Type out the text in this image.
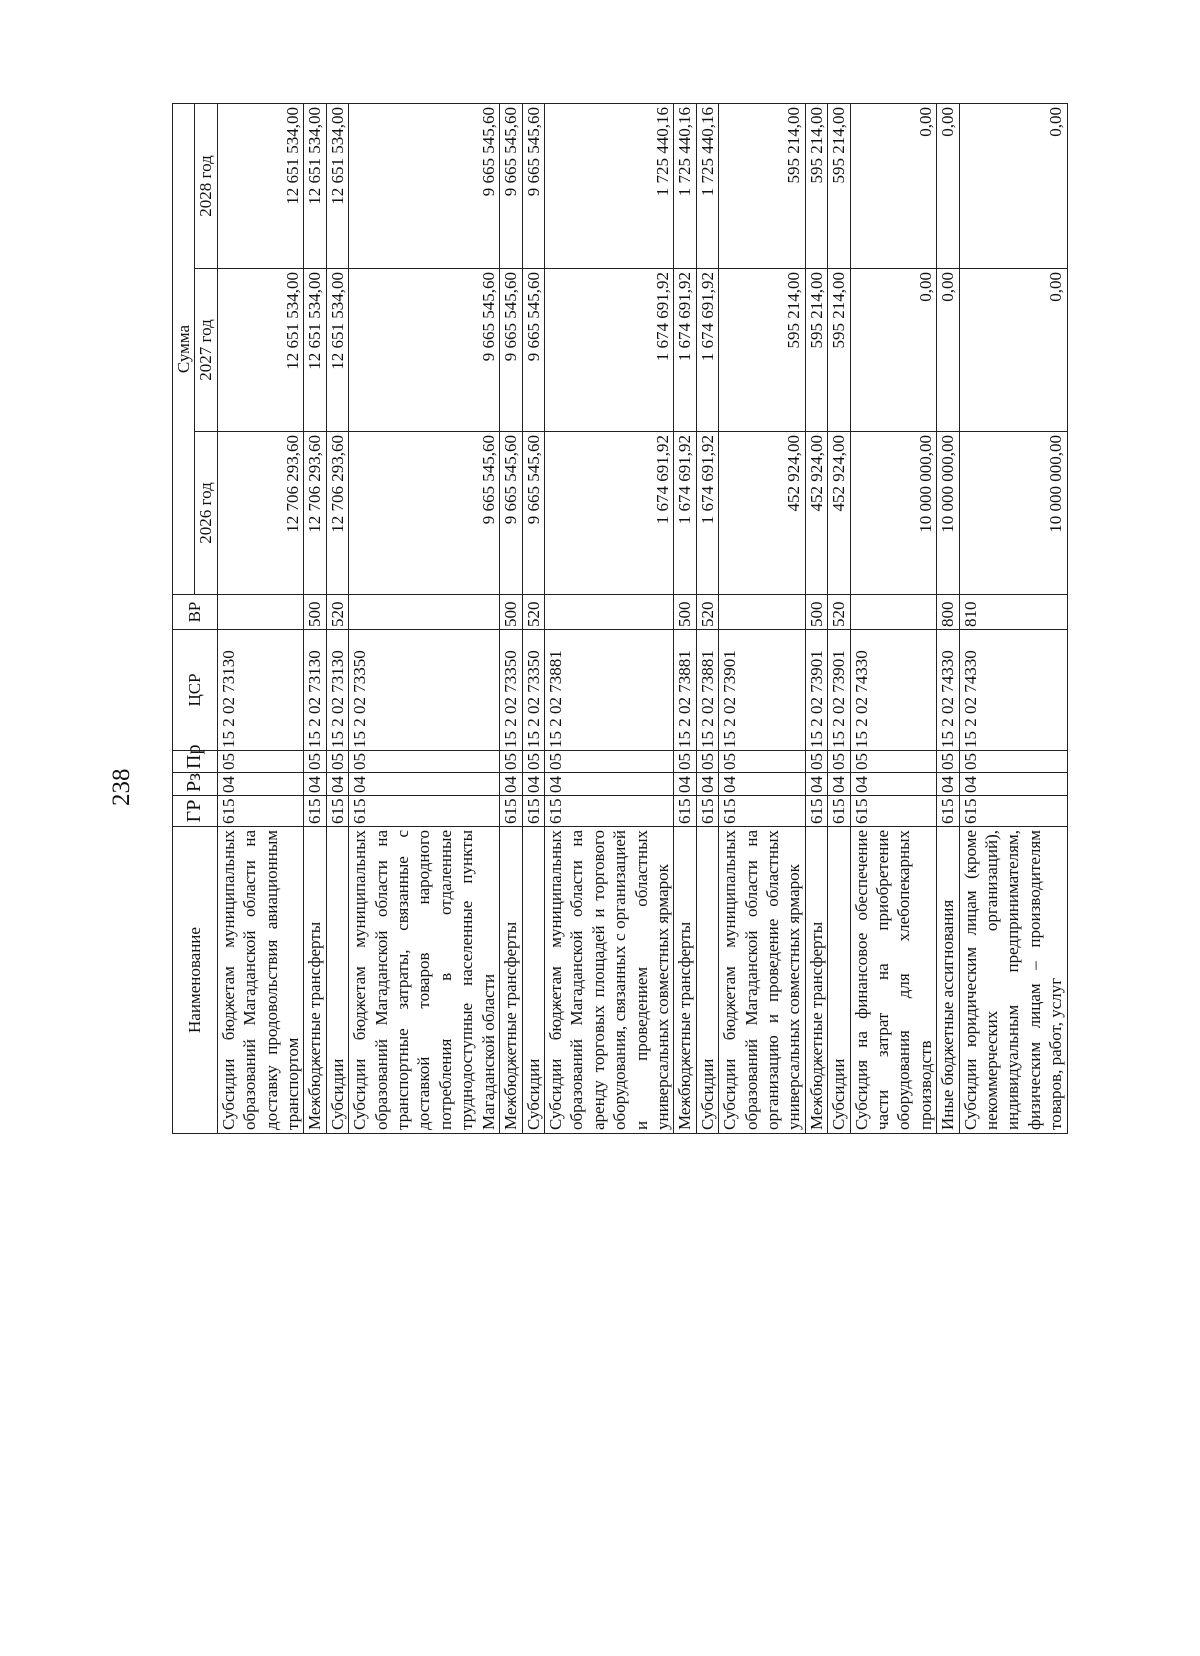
238
Наименование	ГР	Рз	Пр	ЦСР	ВР	Сумма		
						2026 год	2027 год	2028 год
Субсидии бюджетам муниципальных образований Магаданской области на доставку продовольствия авиационным транспортом	615	04	05	15 2 02 73130		12 706 293,60	12 651 534,00	12 651 534,00
Межбюджетные трансферты	615	04	05	15 2 02 73130	500	12 706 293,60	12 651 534,00	12 651 534,00
Субсидии	615	04	05	15 2 02 73130	520	12 706 293,60	12 651 534,00	12 651 534,00
Субсидии бюджетам муниципальных образований Магаданской области на транспортные затраты, связанные с доставкой товаров народного потребления в отдаленные труднодоступные населенные пункты Магаданской области	615	04	05	15 2 02 73350		9 665 545,60	9 665 545,60	9 665 545,60
Межбюджетные трансферты	615	04	05	15 2 02 73350	500	9 665 545,60	9 665 545,60	9 665 545,60
Субсидии	615	04	05	15 2 02 73350	520	9 665 545,60	9 665 545,60	9 665 545,60
Субсидии бюджетам муниципальных образований Магаданской области на аренду торговых площадей и торгового оборудования, связанных с организацией и проведением областных универсальных совместных ярмарок	615	04	05	15 2 02 73881		1 674 691,92	1 674 691,92	1 725 440,16
Межбюджетные трансферты	615	04	05	15 2 02 73881	500	1 674 691,92	1 674 691,92	1 725 440,16
Субсидии	615	04	05	15 2 02 73881	520	1 674 691,92	1 674 691,92	1 725 440,16
Субсидии бюджетам муниципальных образований Магаданской области на организацию и проведение областных универсальных совместных ярмарок	615	04	05	15 2 02 73901		452 924,00	595 214,00	595 214,00
Межбюджетные трансферты	615	04	05	15 2 02 73901	500	452 924,00	595 214,00	595 214,00
Субсидии	615	04	05	15 2 02 73901	520	452 924,00	595 214,00	595 214,00
Субсидия на финансовое обеспечение части затрат на приобретение оборудования для хлебопекарных производств	615	04	05	15 2 02 74330		10 000 000,00	0,00	0,00
Иные бюджетные ассигнования	615	04	05	15 2 02 74330	800	10 000 000,00	0,00	0,00
Субсидии юридическим лицам (кроме некоммерческих организаций), индивидуальным предпринимателям, физическим лицам – производителям товаров, работ, услуг	615	04	05	15 2 02 74330	810	10 000 000,00	0,00	0,00
